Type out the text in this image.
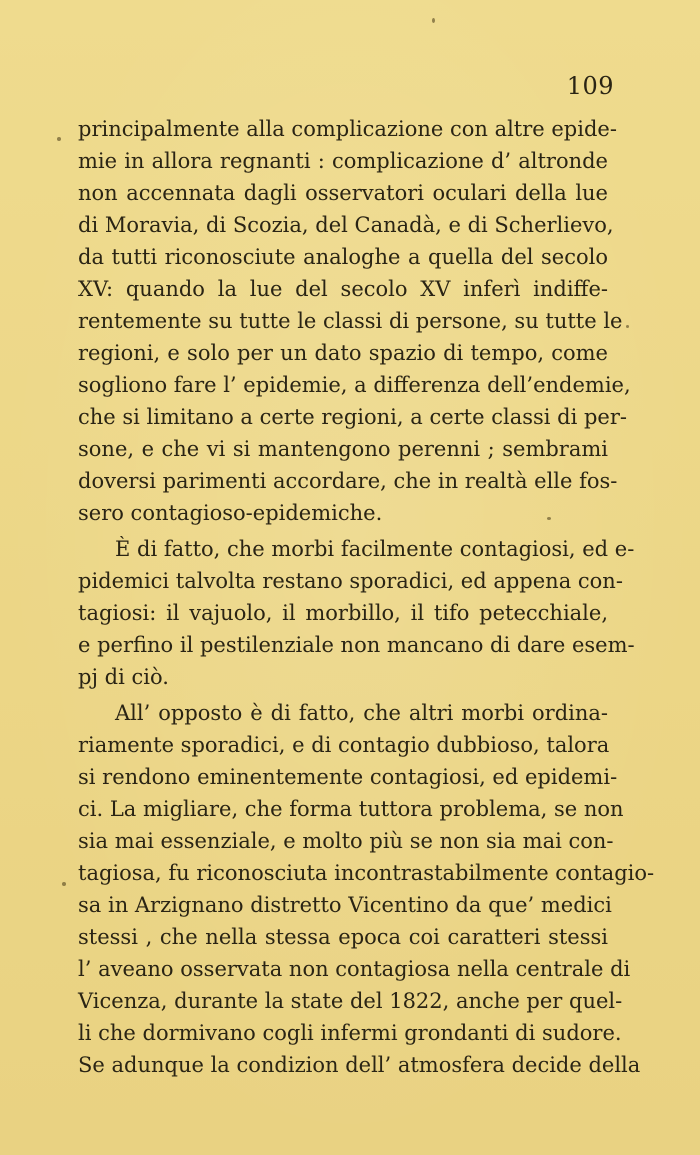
109
principalmente alla complicazione con altre epide-
mie in allora regnanti : complicazione d’ altronde
non accennata dagli osservatori oculari della lue
di Moravia, di Scozia, del Canadà, e di Scherlievo,
da tutti riconosciute analoghe a quella del secolo
XV: quando la lue del secolo XV inferì indiffe-
rentemente su tutte le classi di persone, su tutte le
regioni, e solo per un dato spazio di tempo, come
sogliono fare l’ epidemie, a differenza dell’endemie,
che si limitano a certe regioni, a certe classi di per-
sone, e che vi si mantengono perenni ; sembrami
doversi parimenti accordare, che in realtà elle fos-
sero contagioso-epidemiche.
È di fatto, che morbi facilmente contagiosi, ed e-
pidemici talvolta restano sporadici, ed appena con-
tagiosi: il vajuolo, il morbillo, il tifo petecchiale,
e perfino il pestilenziale non mancano di dare esem-
pj di ciò.
All’ opposto è di fatto, che altri morbi ordina-
riamente sporadici, e di contagio dubbioso, talora
si rendono eminentemente contagiosi, ed epidemi-
ci. La migliare, che forma tuttora problema, se non
sia mai essenziale, e molto più se non sia mai con-
tagiosa, fu riconosciuta incontrastabilmente contagio-
sa in Arzignano distretto Vicentino da que’ medici
stessi , che nella stessa epoca coi caratteri stessi
l’ aveano osservata non contagiosa nella centrale di
Vicenza, durante la state del 1822, anche per quel-
li che dormivano cogli infermi grondanti di sudore.
Se adunque la condizion dell’ atmosfera decide della
